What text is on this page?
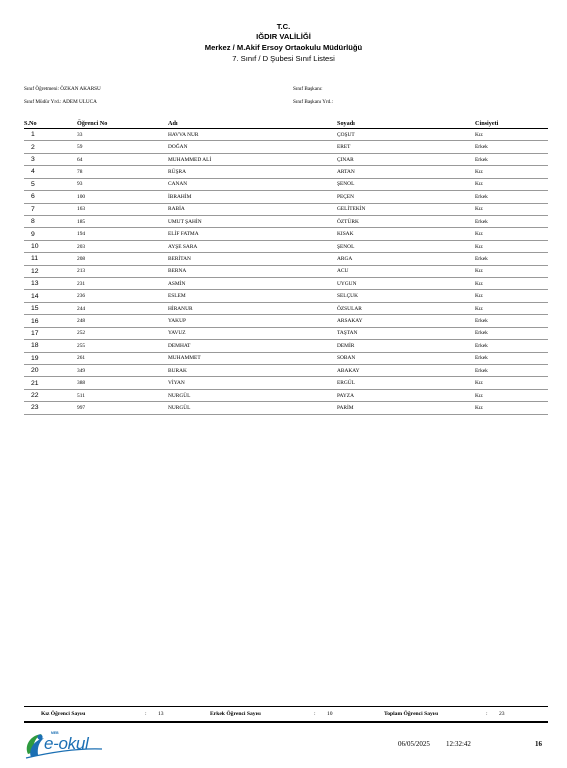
T.C.
IĞDIR VALİLİĞİ
Merkez / M.Akif Ersoy Ortaokulu Müdürlüğü
7. Sınıf / D Şubesi Sınıf Listesi
Sınıf Öğretmeni: ÖZKAN AKARSU	Sınıf Başkanı:
Sınıf Müdür Yrd.: ADEM ULUCA	Sınıf Başkanı Yrd.:
S.No	Öğrenci No	Adı	Soyadı	Cinsiyeti
1	33	HAVVA NUR	ÇOŞUT	Kız
2	59	DOĞAN	ERET	Erkek
3	64	MUHAMMED ALİ	ÇINAR	Erkek
4	78	RÜŞRA	ARTAN	Kız
5	93	CANAN	ŞENOL	Kız
6	100	İBRAHİM	PEÇEN	Erkek
7	163	RABİA	GELİTEKİN	Kız
8	185	UMUT ŞAHİN	ÖZTÜRK	Erkek
9	194	ELİF FATMA	KISAK	Kız
10	203	AYŞE SARA	ŞENOL	Kız
11	208	BERİTAN	ARGA	Erkek
12	213	BERNA	ACU	Kız
13	231	ASMİN	UYGUN	Kız
14	236	ESLEM	SELÇUK	Kız
15	244	HİRANUR	ÖZSULAR	Kız
16	248	YAKUP	ARSAKAY	Erkek
17	252	YAVUZ	TAŞTAN	Erkek
18	255	DEMHAT	DEMİR	Erkek
19	261	MUHAMMET	SOBAN	Erkek
20	349	BURAK	ABAKAY	Erkek
21	388	VİYAN	ERGÜL	Kız
22	511	NURGÜL	PAYZA	Kız
23	997	NURGÜL	PARİM	Kız
Kız Öğrenci Sayısı	: 13	Erkek Öğrenci Sayısı	: 10	Toplam Öğrenci Sayısı	: 23
MEB
e-okul	06/05/2025 12:32:42	16
